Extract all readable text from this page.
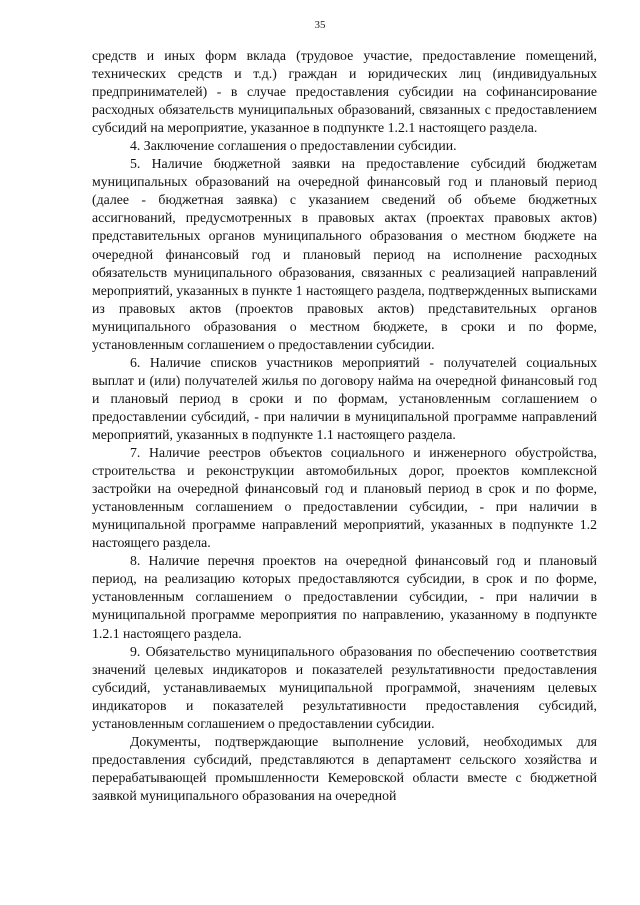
35

средств и иных форм вклада (трудовое участие, предоставление помещений, технических средств и т.д.) граждан и юридических лиц (индивидуальных предпринимателей) - в случае предоставления субсидии на софинансирование расходных обязательств муниципальных образований, связанных с предоставлением субсидий на мероприятие, указанное в подпункте 1.2.1 настоящего раздела.

4. Заключение соглашения о предоставлении субсидии.

5. Наличие бюджетной заявки на предоставление субсидий бюджетам муниципальных образований на очередной финансовый год и плановый период (далее - бюджетная заявка) с указанием сведений об объеме бюджетных ассигнований, предусмотренных в правовых актах (проектах правовых актов) представительных органов муниципального образования о местном бюджете на очередной финансовый год и плановый период на исполнение расходных обязательств муниципального образования, связанных с реализацией направлений мероприятий, указанных в пункте 1 настоящего раздела, подтвержденных выписками из правовых актов (проектов правовых актов) представительных органов муниципального образования о местном бюджете, в сроки и по форме, установленным соглашением о предоставлении субсидии.

6. Наличие списков участников мероприятий - получателей социальных выплат и (или) получателей жилья по договору найма на очередной финансовый год и плановый период в сроки и по формам, установленным соглашением о предоставлении субсидий, - при наличии в муниципальной программе направлений мероприятий, указанных в подпункте 1.1 настоящего раздела.

7. Наличие реестров объектов социального и инженерного обустройства, строительства и реконструкции автомобильных дорог, проектов комплексной застройки на очередной финансовый год и плановый период в срок и по форме, установленным соглашением о предоставлении субсидии, - при наличии в муниципальной программе направлений мероприятий, указанных в подпункте 1.2 настоящего раздела.

8. Наличие перечня проектов на очередной финансовый год и плановый период, на реализацию которых предоставляются субсидии, в срок и по форме, установленным соглашением о предоставлении субсидии, - при наличии в муниципальной программе мероприятия по направлению, указанному в подпункте 1.2.1 настоящего раздела.

9. Обязательство муниципального образования по обеспечению соответствия значений целевых индикаторов и показателей результативности предоставления субсидий, устанавливаемых муниципальной программой, значениям целевых индикаторов и показателей результативности предоставления субсидий, установленным соглашением о предоставлении субсидии.

Документы, подтверждающие выполнение условий, необходимых для предоставления субсидий, представляются в департамент сельского хозяйства и перерабатывающей промышленности Кемеровской области вместе с бюджетной заявкой муниципального образования на очередной
